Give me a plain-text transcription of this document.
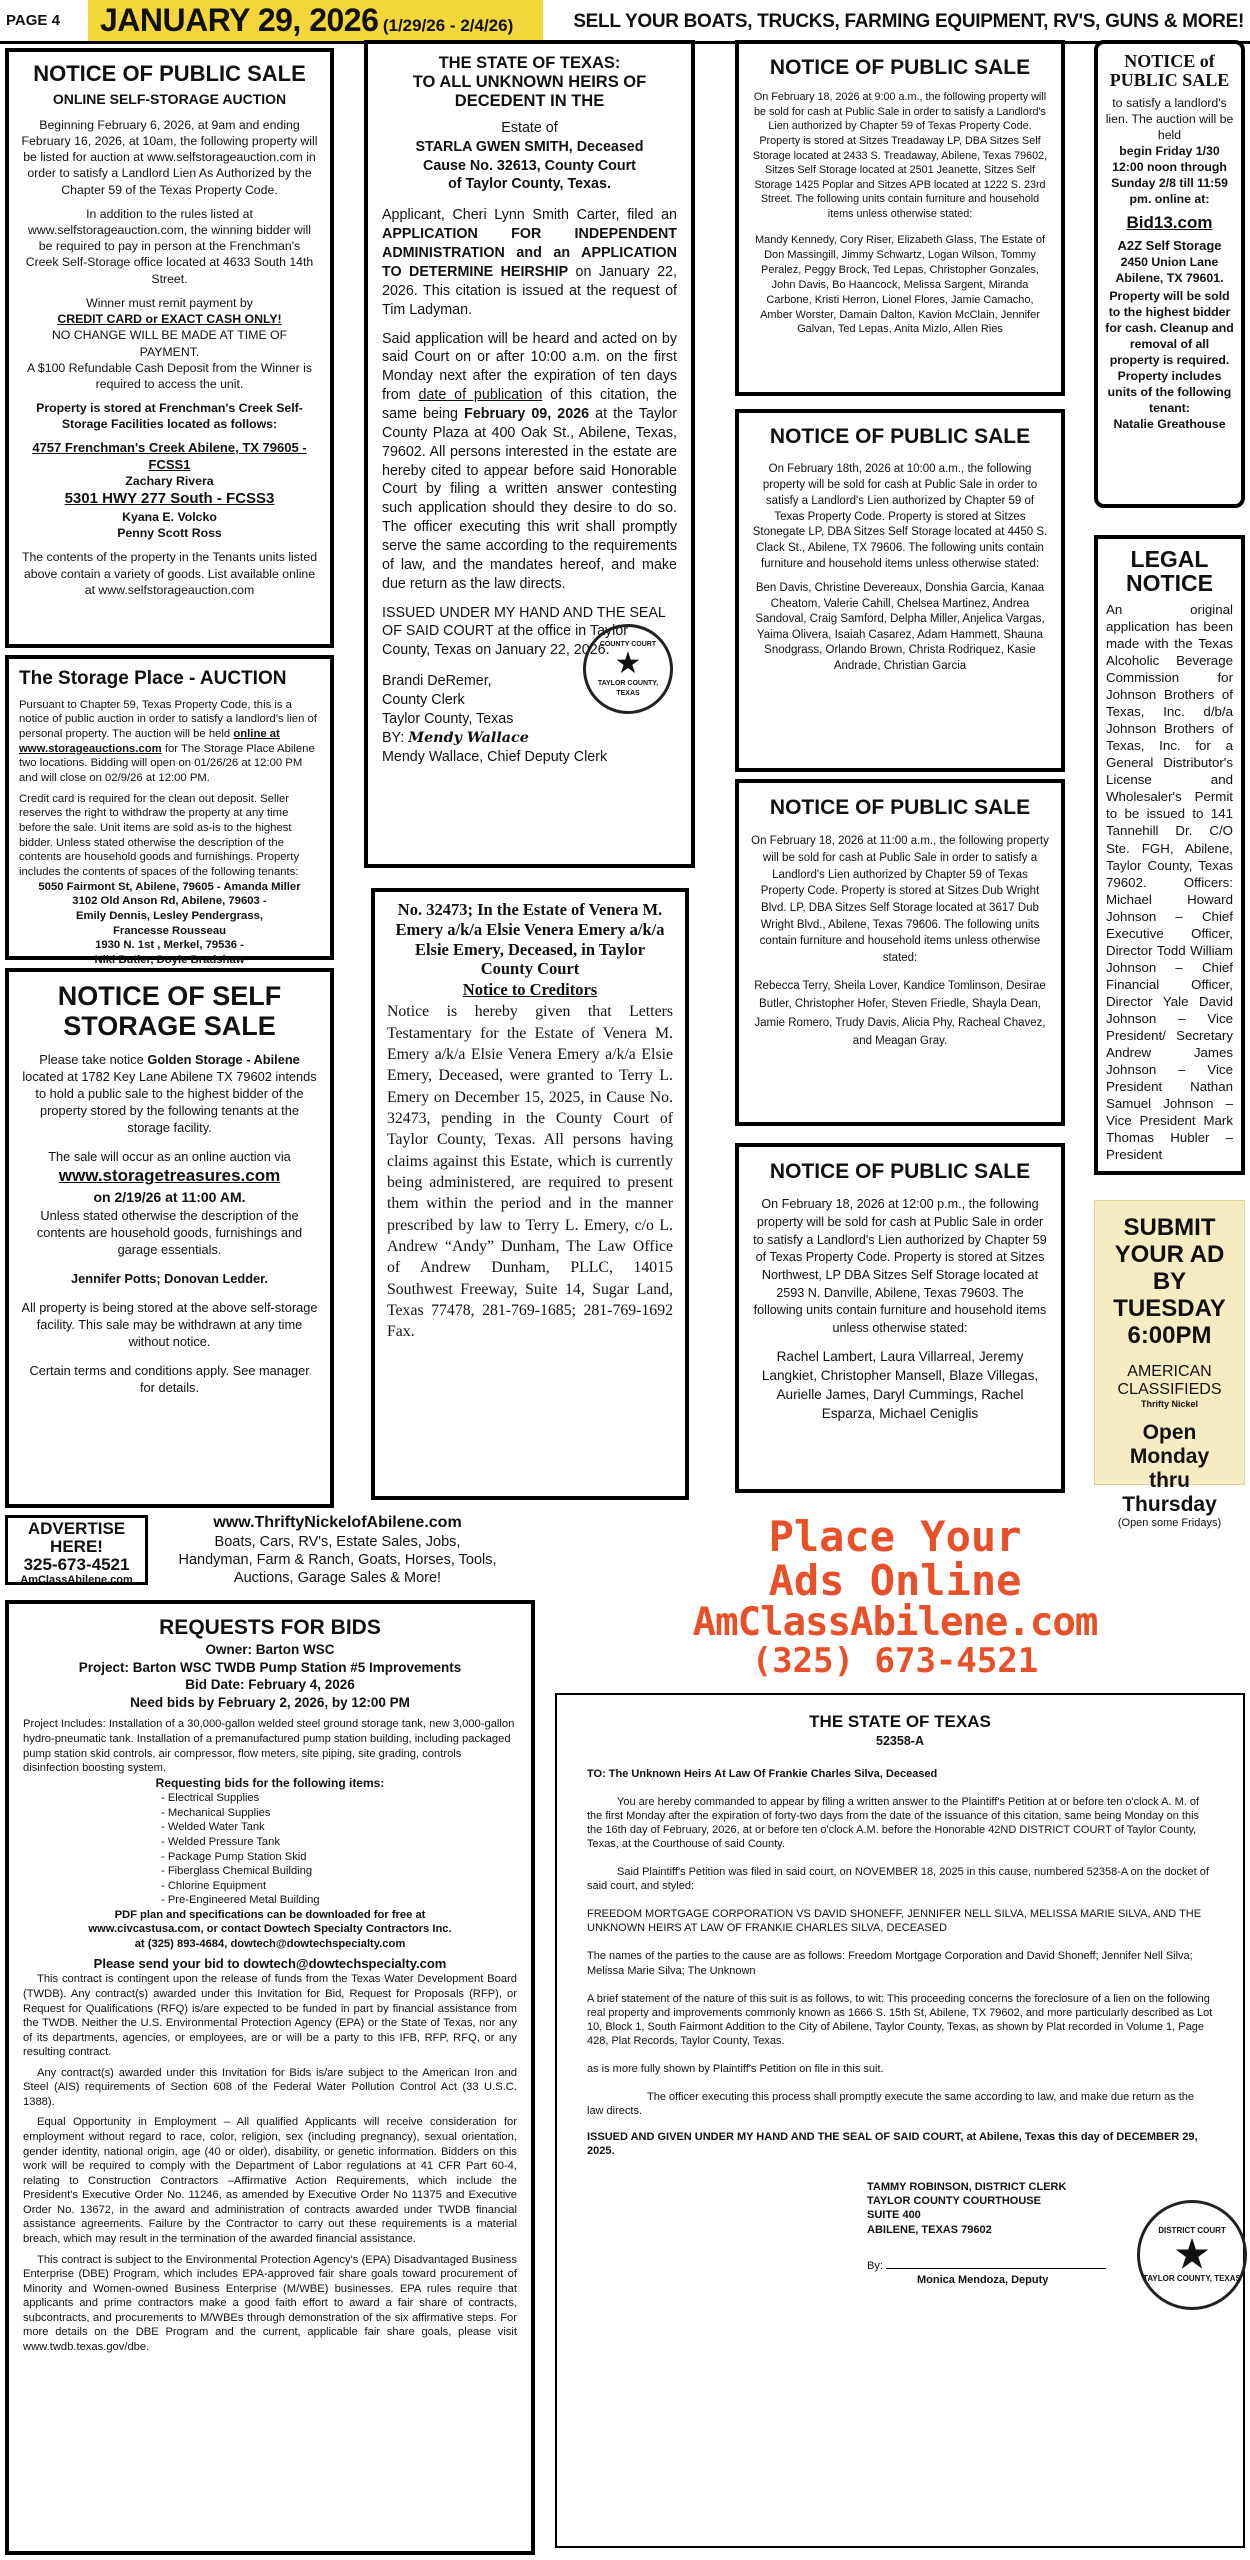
PAGE 4	JANUARY 29, 2026 (1/29/26 - 2/4/26)	SELL YOUR BOATS, TRUCKS, FARMING EQUIPMENT, RV'S, GUNS & MORE!
NOTICE OF PUBLIC SALE
ONLINE SELF-STORAGE AUCTION

Beginning February 6, 2026, at 9am and ending February 16, 2026, at 10am, the following property will be listed for auction at www.selfstorageauction.com in order to satisfy a Landlord Lien As Authorized by the Chapter 59 of the Texas Property Code.

In addition to the rules listed at www.selfstorageauction.com, the winning bidder will be required to pay in person at the Frenchman's Creek Self-Storage office located at 4633 South 14th Street.

Winner must remit payment by

CREDIT CARD or EXACT CASH ONLY!

NO CHANGE WILL BE MADE AT TIME OF PAYMENT.

A $100 Refundable Cash Deposit from the Winner is required to access the unit.

Property is stored at Frenchman's Creek Self-Storage Facilities located as follows:

4757 Frenchman's Creek Abilene, TX 79605 - FCSS1

Zachary Rivera

5301 HWY 277 South - FCSS3

Kyana E. Volcko

Penny Scott Ross

The contents of the property in the Tenants units listed above contain a variety of goods. List available online at www.selfstorageauction.com

The Storage Place - AUCTION

Pursuant to Chapter 59, Texas Property Code, this is a notice of public auction in order to satisfy a landlord's lien of personal property. The auction will be held online at www.storageauctions.com for The Storage Place Abilene two locations. Bidding will open on 01/26/26 at 12:00 PM and will close on 02/9/26 at 12:00 PM.

Credit card is required for the clean out deposit. Seller reserves the right to withdraw the property at any time before the sale. Unit items are sold as-is to the highest bidder. Unless stated otherwise the description of the contents are household goods and furnishings. Property includes the contents of spaces of the following tenants:

5050 Fairmont St, Abilene, 79605 - Amanda Miller

3102 Old Anson Rd, Abilene, 79603 -

Emily Dennis, Lesley Pendergrass,

Francesse Rousseau

1930 N. 1st , Merkel, 79536 -

Niki Butler, Doyle Bradshaw

NOTICE OF SELF STORAGE SALE

Please take notice Golden Storage - Abilene located at 1782 Key Lane Abilene TX 79602 intends to hold a public sale to the highest bidder of the property stored by the following tenants at the storage facility.

The sale will occur as an online auction via

www.storagetreasures.com

on 2/19/26 at 11:00 AM.

Unless stated otherwise the description of the contents are household goods, furnishings and garage essentials.

Jennifer Potts; Donovan Ledder.

All property is being stored at the above self-storage facility. This sale may be withdrawn at any time without notice.

Certain terms and conditions apply. See manager for details.

THE STATE OF TEXAS:
TO ALL UNKNOWN HEIRS OF DECEDENT IN THE
Estate of
STARLA GWEN SMITH, Deceased
Cause No. 32613, County Court
of Taylor County, Texas.

Applicant, Cheri Lynn Smith Carter, filed an APPLICATION FOR INDEPENDENT ADMINISTRATION and an APPLICATION TO DETERMINE HEIRSHIP on January 22, 2026. This citation is issued at the request of Tim Ladyman.

Said application will be heard and acted on by said Court on or after 10:00 a.m. on the first Monday next after the expiration of ten days from date of publication of this citation, the same being February 09, 2026 at the Taylor County Plaza at 400 Oak St., Abilene, Texas, 79602. All persons interested in the estate are hereby cited to appear before said Honorable Court by filing a written answer contesting such application should they desire to do so. The officer executing this writ shall promptly serve the same according to the requirements of law, and the mandates hereof, and make due return as the law directs.

ISSUED UNDER MY HAND AND THE SEAL OF SAID COURT at the office in Taylor County, Texas on January 22, 2026.

Brandi DeRemer,

County Clerk

Taylor County, Texas

BY: Mendy Wallace

Mendy Wallace, Chief Deputy Clerk

COUNTY COURT
★
TAYLOR COUNTY, TEXAS
No. 32473; In the Estate of Venera M. Emery a/k/a Elsie Venera Emery a/k/a Elsie Emery, Deceased, in Taylor County Court
Notice to Creditors

Notice is hereby given that Letters Testamentary for the Estate of Venera M. Emery a/k/a Elsie Venera Emery a/k/a Elsie Emery, Deceased, were granted to Terry L. Emery on December 15, 2025, in Cause No. 32473, pending in the County Court of Taylor County, Texas. All persons having claims against this Estate, which is currently being administered, are required to present them within the period and in the manner prescribed by law to Terry L. Emery, c/o L. Andrew “Andy” Dunham, The Law Office of Andrew Dunham, PLLC, 14015 Southwest Freeway, Suite 14, Sugar Land, Texas 77478, 281-769-1685; 281-769-1692 Fax.

NOTICE OF PUBLIC SALE

On February 18, 2026 at 9:00 a.m., the following property will be sold for cash at Public Sale in order to satisfy a Landlord's Lien authorized by Chapter 59 of Texas Property Code. Property is stored at Sitzes Treadaway LP, DBA Sitzes Self Storage located at 2433 S. Treadaway, Abilene, Texas 79602, Sitzes Self Storage located at 2501 Jeanette, Sitzes Self Storage 1425 Poplar and Sitzes APB located at 1222 S. 23rd Street. The following units contain furniture and household items unless otherwise stated:

Mandy Kennedy, Cory Riser, Elizabeth Glass, The Estate of Don Massingill, Jimmy Schwartz, Logan Wilson, Tommy Peralez, Peggy Brock, Ted Lepas, Christopher Gonzales, John Davis, Bo Haancock, Melissa Sargent, Miranda Carbone, Kristi Herron, Lionel Flores, Jamie Camacho, Amber Worster, Damain Dalton, Kavion McClain, Jennifer Galvan, Ted Lepas, Anita Mizlo, Allen Ries

NOTICE OF PUBLIC SALE

On February 18th, 2026 at 10:00 a.m., the following property will be sold for cash at Public Sale in order to satisfy a Landlord's Lien authorized by Chapter 59 of Texas Property Code. Property is stored at Sitzes Stonegate LP, DBA Sitzes Self Storage located at 4450 S. Clack St., Abilene, TX 79606. The following units contain furniture and household items unless otherwise stated:

Ben Davis, Christine Devereaux, Donshia Garcia, Kanaa Cheatom, Valerie Cahill, Chelsea Martinez, Andrea Sandoval, Craig Samford, Delpha Miller, Anjelica Vargas, Yaima Olivera, Isaiah Casarez, Adam Hammett, Shauna Snodgrass, Orlando Brown, Christa Rodriquez, Kasie Andrade, Christian Garcia

NOTICE OF PUBLIC SALE

On February 18, 2026 at 11:00 a.m., the following property will be sold for cash at Public Sale in order to satisfy a Landlord's Lien authorized by Chapter 59 of Texas Property Code. Property is stored at Sitzes Dub Wright Blvd. LP, DBA Sitzes Self Storage located at 3617 Dub Wright Blvd., Abilene, Texas 79606. The following units contain furniture and household items unless otherwise stated:

Rebecca Terry, Sheila Lover, Kandice Tomlinson, Desirae Butler, Christopher Hofer, Steven Friedle, Shayla Dean, Jamie Romero, Trudy Davis, Alicia Phy, Racheal Chavez, and Meagan Gray.

NOTICE OF PUBLIC SALE

On February 18, 2026 at 12:00 p.m., the following property will be sold for cash at Public Sale in order to satisfy a Landlord's Lien authorized by Chapter 59 of Texas Property Code. Property is stored at Sitzes Northwest, LP DBA Sitzes Self Storage located at 2593 N. Danville, Abilene, Texas 79603. The following units contain furniture and household items unless otherwise stated:

Rachel Lambert, Laura Villarreal, Jeremy Langkiet, Christopher Mansell, Blaze Villegas, Aurielle James, Daryl Cummings, Rachel Esparza, Michael Ceniglis

NOTICE of
PUBLIC SALE

to satisfy a landlord's lien. The auction will be held

begin Friday 1/30 12:00 noon through Sunday 2/8 till 11:59 pm. online at:

Bid13.com

A2Z Self Storage

2450 Union Lane Abilene, TX 79601.

Property will be sold to the highest bidder for cash. Cleanup and removal of all property is required. Property includes units of the following tenant:

Natalie Greathouse

LEGAL NOTICE

An original application has been made with the Texas Alcoholic Beverage Commission for Johnson Brothers of Texas, Inc. d/b/a Johnson Brothers of Texas, Inc. for a General Distributor's License and Wholesaler's Permit to be issued to 141 Tannehill Dr. C/O Ste. FGH, Abilene, Taylor County, Texas 79602. Officers: Michael Howard Johnson – Chief Executive Officer, Director Todd William Johnson – Chief Financial Officer, Director Yale David Johnson – Vice President/ Secretary Andrew James Johnson – Vice President Nathan Samuel Johnson – Vice President Mark Thomas Hubler – President

SUBMIT
YOUR AD BY
TUESDAY
6:00PM
AMERICAN
CLASSIFIEDS
Thrifty Nickel
Open Monday
thru Thursday
(Open some Fridays)
ADVERTISE
HERE!
325-673-4521
AmClassAbilene.com
www.ThriftyNickelofAbilene.com
Boats, Cars, RV's, Estate Sales, Jobs,
Handyman, Farm & Ranch, Goats, Horses, Tools,
Auctions, Garage Sales & More!
Place Your
Ads Online
AmClassAbilene.com
(325) 673-4521
REQUESTS FOR BIDS
Owner: Barton WSC
Project: Barton WSC TWDB Pump Station #5 Improvements
Bid Date: February 4, 2026
Need bids by February 2, 2026, by 12:00 PM

Project Includes: Installation of a 30,000-gallon welded steel ground storage tank, new 3,000-gallon hydro-pneumatic tank. Installation of a premanufactured pump station building, including packaged pump station skid controls, air compressor, flow meters, site piping, site grading, controls disinfection boosting system.

Requesting bids for the following items:

- Electrical Supplies
- Mechanical Supplies
- Welded Water Tank
- Welded Pressure Tank
- Package Pump Station Skid
- Fiberglass Chemical Building
- Chlorine Equipment
- Pre-Engineered Metal Building

PDF plan and specifications can be downloaded for free at

www.civcastusa.com, or contact Dowtech Specialty Contractors Inc.

at (325) 893-4684, dowtech@dowtechspecialty.com

Please send your bid to dowtech@dowtechspecialty.com

This contract is contingent upon the release of funds from the Texas Water Development Board (TWDB). Any contract(s) awarded under this Invitation for Bid, Request for Proposals (RFP), or Request for Qualifications (RFQ) is/are expected to be funded in part by financial assistance from the TWDB. Neither the U.S. Environmental Protection Agency (EPA) or the State of Texas, nor any of its departments, agencies, or employees, are or will be a party to this IFB, RFP, RFQ, or any resulting contract.

Any contract(s) awarded under this Invitation for Bids is/are subject to the American Iron and Steel (AIS) requirements of Section 608 of the Federal Water Pollution Control Act (33 U.S.C. 1388).

Equal Opportunity in Employment – All qualified Applicants will receive consideration for employment without regard to race, color, religion, sex (including pregnancy), sexual orientation, gender identity, national origin, age (40 or older), disability, or genetic information. Bidders on this work will be required to comply with the Department of Labor regulations at 41 CFR Part 60-4, relating to Construction Contractors –Affirmative Action Requirements, which include the President's Executive Order No. 11246, as amended by Executive Order No 11375 and Executive Order No. 13672, in the award and administration of contracts awarded under TWDB financial assistance agreements. Failure by the Contractor to carry out these requirements is a material breach, which may result in the termination of the awarded financial assistance.

This contract is subject to the Environmental Protection Agency's (EPA) Disadvantaged Business Enterprise (DBE) Program, which includes EPA-approved fair share goals toward procurement of Minority and Women-owned Business Enterprise (M/WBE) businesses. EPA rules require that applicants and prime contractors make a good faith effort to award a fair share of contracts, subcontracts, and procurements to M/WBEs through demonstration of the six affirmative steps. For more details on the DBE Program and the current, applicable fair share goals, please visit www.twdb.texas.gov/dbe.

THE STATE OF TEXAS
52358-A

TO: The Unknown Heirs At Law Of Frankie Charles Silva, Deceased

You are hereby commanded to appear by filing a written answer to the Plaintiff's Petition at or before ten o'clock A. M. of the first Monday after the expiration of forty-two days from the date of the issuance of this citation, same being Monday on this the 16th day of February, 2026, at or before ten o'clock A.M. before the Honorable 42ND DISTRICT COURT of Taylor County, Texas, at the Courthouse of said County.

Said Plaintiff's Petition was filed in said court, on NOVEMBER 18, 2025 in this cause, numbered 52358-A on the docket of said court, and styled:

FREEDOM MORTGAGE CORPORATION VS DAVID SHONEFF, JENNIFER NELL SILVA, MELISSA MARIE SILVA, AND THE UNKNOWN HEIRS AT LAW OF FRANKIE CHARLES SILVA, DECEASED

The names of the parties to the cause are as follows: Freedom Mortgage Corporation and David Shoneff; Jennifer Nell Silva; Melissa Marie Silva; The Unknown

A brief statement of the nature of this suit is as follows, to wit: This proceeding concerns the foreclosure of a lien on the following real property and improvements commonly known as 1666 S. 15th St, Abilene, TX 79602, and more particularly described as Lot 10, Block 1, South Fairmont Addition to the City of Abilene, Taylor County, Texas, as shown by Plat recorded in Volume 1, Page 428, Plat Records, Taylor County, Texas.

as is more fully shown by Plaintiff's Petition on file in this suit.

The officer executing this process shall promptly execute the same according to law, and make due return as the law directs.

ISSUED AND GIVEN UNDER MY HAND AND THE SEAL OF SAID COURT, at Abilene, Texas this day of DECEMBER 29, 2025.

TAMMY ROBINSON, DISTRICT CLERK

TAYLOR COUNTY COURTHOUSE

SUITE 400

ABILENE, TEXAS 79602

By:

Monica Mendoza, Deputy

DISTRICT COURT
★
TAYLOR COUNTY, TEXAS
